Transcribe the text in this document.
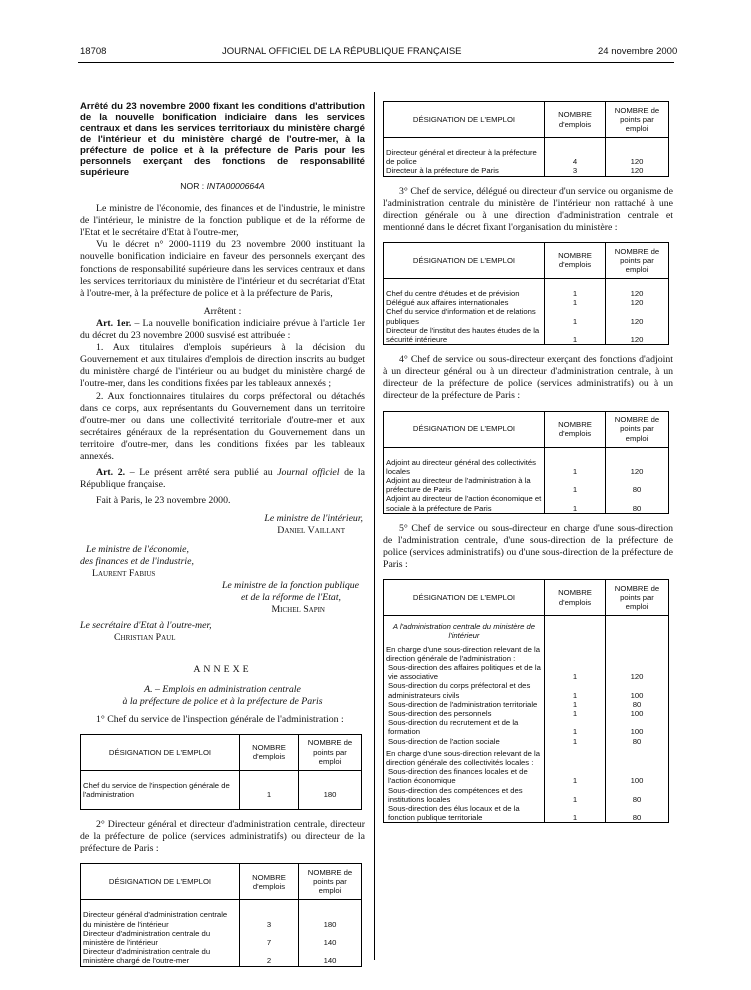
18708	JOURNAL OFFICIEL DE LA RÉPUBLIQUE FRANÇAISE	24 novembre 2000

Arrêté du 23 novembre 2000 fixant les conditions d'attribution de la nouvelle bonification indiciaire dans les services centraux et dans les services territoriaux du ministère chargé de l'intérieur et du ministère chargé de l'outre-mer, à la préfecture de police et à la préfecture de Paris pour les personnels exerçant des fonctions de responsabilité supérieure

NOR : INTA0000664A

Le ministre de l'économie, des finances et de l'industrie, le ministre de l'intérieur, le ministre de la fonction publique et de la réforme de l'Etat et le secrétaire d'Etat à l'outre-mer,

Vu le décret n° 2000-1119 du 23 novembre 2000 instituant la nouvelle bonification indiciaire en faveur des personnels exerçant des fonctions de responsabilité supérieure dans les services centraux et dans les services territoriaux du ministère de l'intérieur et du secrétariat d'Etat à l'outre-mer, à la préfecture de police et à la préfecture de Paris,

Arrêtent :

Art. 1er. – La nouvelle bonification indiciaire prévue à l'article 1er du décret du 23 novembre 2000 susvisé est attribuée :

1. Aux titulaires d'emplois supérieurs à la décision du Gouvernement et aux titulaires d'emplois de direction inscrits au budget du ministère chargé de l'intérieur ou au budget du ministère chargé de l'outre-mer, dans les conditions fixées par les tableaux annexés ;

2. Aux fonctionnaires titulaires du corps préfectoral ou détachés dans ce corps, aux représentants du Gouvernement dans un territoire d'outre-mer ou dans une collectivité territoriale d'outre-mer et aux secrétaires généraux de la représentation du Gouvernement dans un territoire d'outre-mer, dans les conditions fixées par les tableaux annexés.

Art. 2. – Le présent arrêté sera publié au Journal officiel de la République française.

Fait à Paris, le 23 novembre 2000.

Le ministre de l'intérieur,
Daniel Vaillant

Le ministre de l'économie,
des finances et de l'industrie,
Laurent Fabius

Le ministre de la fonction publique
et de la réforme de l'Etat,
Michel Sapin

Le secrétaire d'Etat à l'outre-mer,
Christian Paul

ANNEXE

A. – Emplois en administration centrale
à la préfecture de police et à la préfecture de Paris

1° Chef du service de l'inspection générale de l'administration :

DÉSIGNATION DE L'EMPLOI	NOMBRE d'emplois	NOMBRE de points par emploi

Chef du service de l'inspection générale de l'administration	1	180

2° Directeur général et directeur d'administration centrale, directeur de la préfecture de police (services administratifs) ou directeur de la préfecture de Paris :

DÉSIGNATION DE L'EMPLOI	NOMBRE d'emplois	NOMBRE de points par emploi

Directeur général d'administration centrale du ministère de l'intérieur	3	180
Directeur d'administration centrale du ministère de l'intérieur	7	140
Directeur d'administration centrale du ministère chargé de l'outre-mer	2	140
DÉSIGNATION DE L'EMPLOI	NOMBRE d'emplois	NOMBRE de points par emploi

Directeur général et directeur à la préfecture de police	4	120
Directeur à la préfecture de Paris	3	120

3° Chef de service, délégué ou directeur d'un service ou organisme de l'administration centrale du ministère de l'intérieur non rattaché à une direction générale ou à une direction d'administration centrale et mentionné dans le décret fixant l'organisation du ministère :

DÉSIGNATION DE L'EMPLOI	NOMBRE d'emplois	NOMBRE de points par emploi

Chef du centre d'études et de prévision	1	120
Délégué aux affaires internationales	1	120
Chef du service d'information et de relations publiques	1	120
Directeur de l'institut des hautes études de la sécurité intérieure	1	120

4° Chef de service ou sous-directeur exerçant des fonctions d'adjoint à un directeur général ou à un directeur d'administration centrale, à un directeur de la préfecture de police (services administratifs) ou à un directeur de la préfecture de Paris :

DÉSIGNATION DE L'EMPLOI	NOMBRE d'emplois	NOMBRE de points par emploi

Adjoint au directeur général des collectivités locales	1	120
Adjoint au directeur de l'administration à la préfecture de Paris	1	80
Adjoint au directeur de l'action économique et sociale à la préfecture de Paris	1	80

5° Chef de service ou sous-directeur en charge d'une sous-direction de l'administration centrale, d'une sous-direction de la préfecture de police (services administratifs) ou d'une sous-direction de la préfecture de Paris :

DÉSIGNATION DE L'EMPLOI	NOMBRE d'emplois	NOMBRE de points par emploi
A l'administration centrale du ministère de l'intérieur		
En charge d'une sous-direction relevant de la direction générale de l'administration :		
Sous-direction des affaires politiques et de la vie associative	1	120
Sous-direction du corps préfectoral et des administrateurs civils	1	100
Sous-direction de l'administration territoriale	1	80
Sous-direction des personnels	1	100
Sous-direction du recrutement et de la formation	1	100
Sous-direction de l'action sociale	1	80
En charge d'une sous-direction relevant de la direction générale des collectivités locales :		
Sous-direction des finances locales et de l'action économique	1	100
Sous-direction des compétences et des institutions locales	1	80
Sous-direction des élus locaux et de la fonction publique territoriale	1	80
